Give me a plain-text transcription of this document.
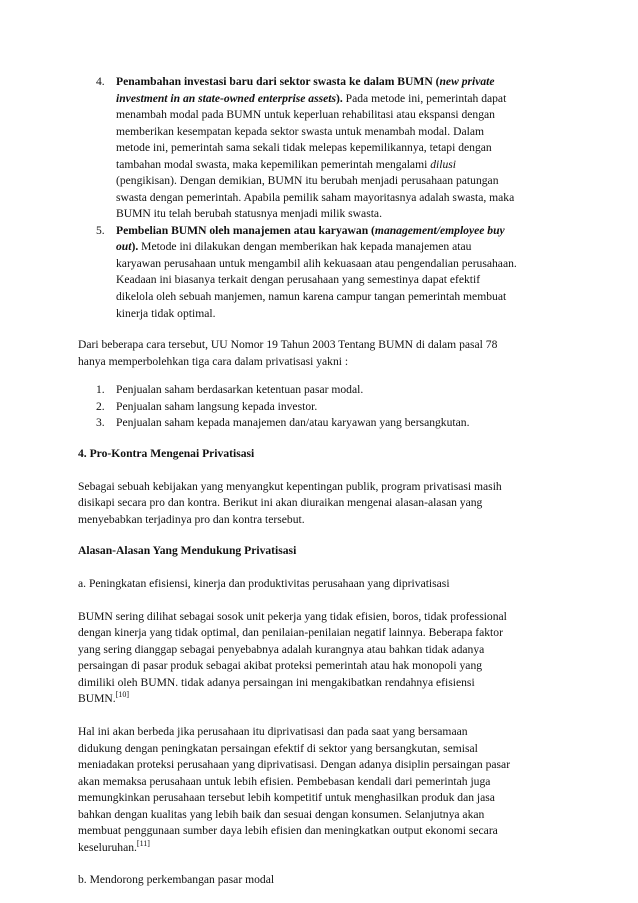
4. Penambahan investasi baru dari sektor swasta ke dalam BUMN (new private
investment in an state-owned enterprise assets). Pada metode ini, pemerintah dapat
menambah modal pada BUMN untuk keperluan rehabilitasi atau ekspansi dengan
memberikan kesempatan kepada sektor swasta untuk menambah modal. Dalam
metode ini, pemerintah sama sekali tidak melepas kepemilikannya, tetapi dengan
tambahan modal swasta, maka kepemilikan pemerintah mengalami dilusi
(pengikisan). Dengan demikian, BUMN itu berubah menjadi perusahaan patungan
swasta dengan pemerintah. Apabila pemilik saham mayoritasnya adalah swasta, maka
BUMN itu telah berubah statusnya menjadi milik swasta.
5. Pembelian BUMN oleh manajemen atau karyawan (management/employee buy
out). Metode ini dilakukan dengan memberikan hak kepada manajemen atau
karyawan perusahaan untuk mengambil alih kekuasaan atau pengendalian perusahaan.
Keadaan ini biasanya terkait dengan perusahaan yang semestinya dapat efektif
dikelola oleh sebuah manjemen, namun karena campur tangan pemerintah membuat
kinerja tidak optimal.
Dari beberapa cara tersebut, UU Nomor 19 Tahun 2003 Tentang BUMN di dalam pasal 78
hanya memperbolehkan tiga cara dalam privatisasi yakni :
1. Penjualan saham berdasarkan ketentuan pasar modal.
2. Penjualan saham langsung kepada investor.
3. Penjualan saham kepada manajemen dan/atau karyawan yang bersangkutan.
4. Pro-Kontra Mengenai Privatisasi
Sebagai sebuah kebijakan yang menyangkut kepentingan publik, program privatisasi masih
disikapi secara pro dan kontra. Berikut ini akan diuraikan mengenai alasan-alasan yang
menyebabkan terjadinya pro dan kontra tersebut.
Alasan-Alasan Yang Mendukung Privatisasi
a. Peningkatan efisiensi, kinerja dan produktivitas perusahaan yang diprivatisasi
BUMN sering dilihat sebagai sosok unit pekerja yang tidak efisien, boros, tidak professional
dengan kinerja yang tidak optimal, dan penilaian-penilaian negatif lainnya. Beberapa faktor
yang sering dianggap sebagai penyebabnya adalah kurangnya atau bahkan tidak adanya
persaingan di pasar produk sebagai akibat proteksi pemerintah atau hak monopoli yang
dimiliki oleh BUMN. tidak adanya persaingan ini mengakibatkan rendahnya efisiensi
BUMN.[10]
Hal ini akan berbeda jika perusahaan itu diprivatisasi dan pada saat yang bersamaan
didukung dengan peningkatan persaingan efektif di sektor yang bersangkutan, semisal
meniadakan proteksi perusahaan yang diprivatisasi. Dengan adanya disiplin persaingan pasar
akan memaksa perusahaan untuk lebih efisien. Pembebasan kendali dari pemerintah juga
memungkinkan perusahaan tersebut lebih kompetitif untuk menghasilkan produk dan jasa
bahkan dengan kualitas yang lebih baik dan sesuai dengan konsumen. Selanjutnya akan
membuat penggunaan sumber daya lebih efisien dan meningkatkan output ekonomi secara
keseluruhan.[11]
b. Mendorong perkembangan pasar modal
